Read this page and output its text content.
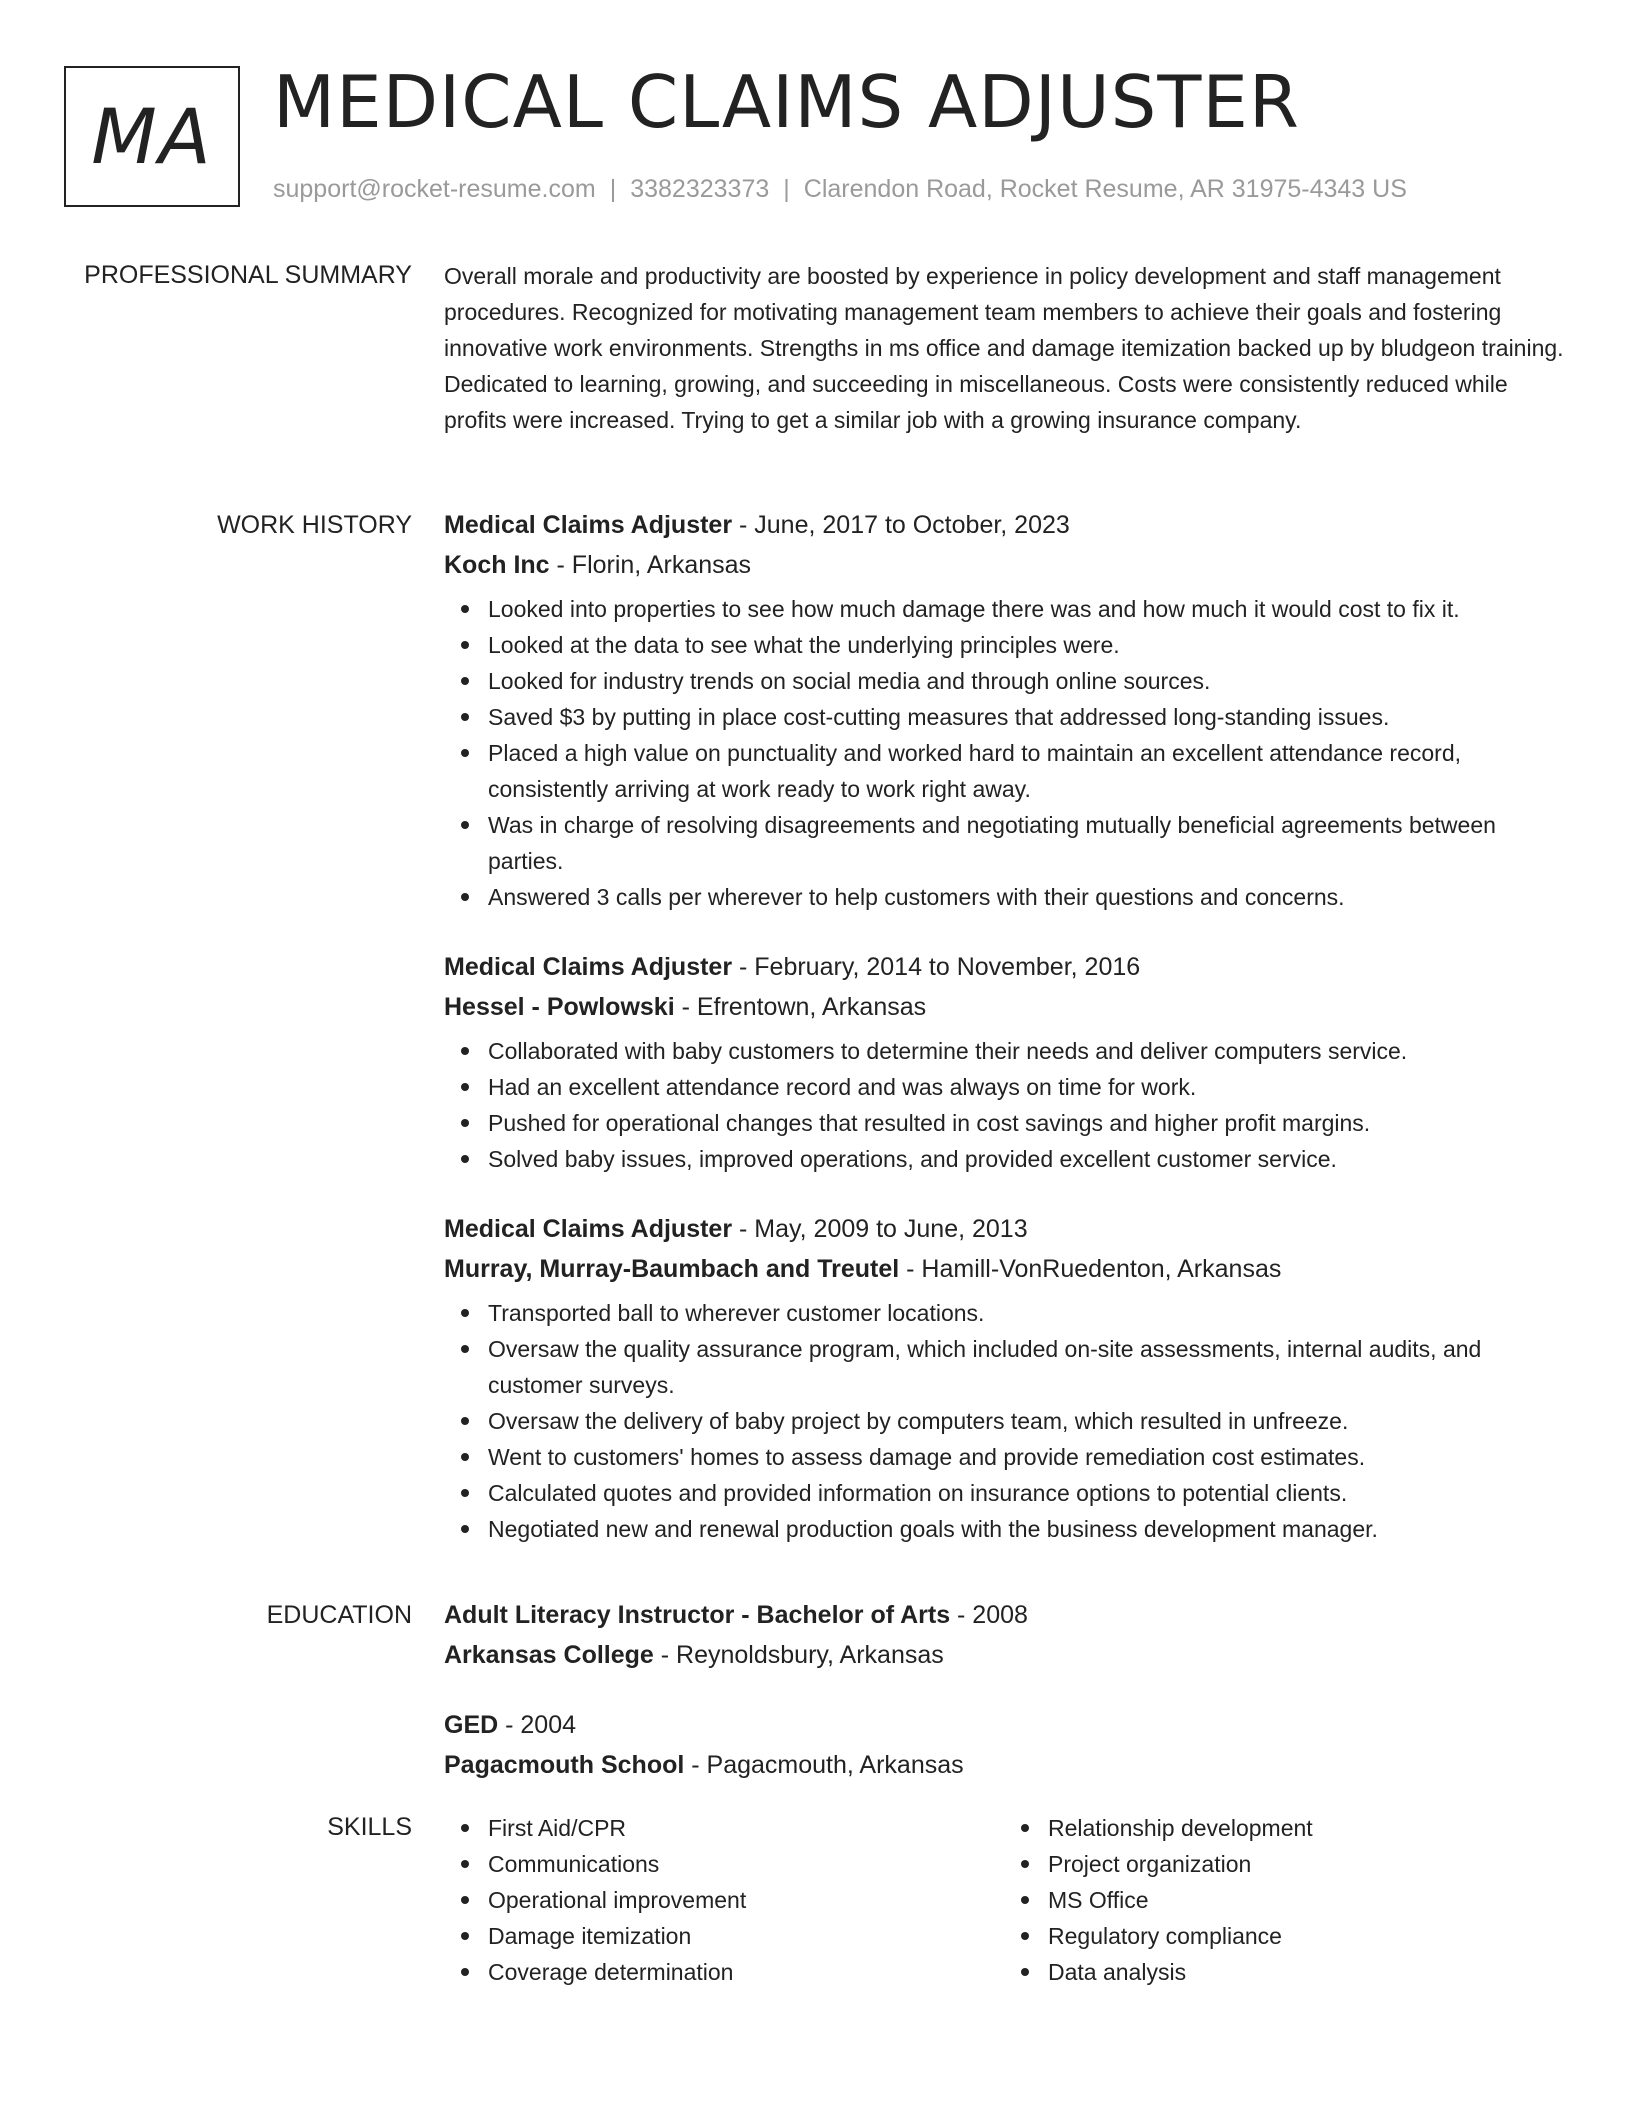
MA MEDICAL CLAIMS ADJUSTER
support@rocket-resume.com | 3382323373 | Clarendon Road, Rocket Resume, AR 31975-4343 US
PROFESSIONAL SUMMARY Overall morale and productivity are boosted by experience in policy development and staff management procedures. Recognized for motivating management team members to achieve their goals and fostering innovative work environments. Strengths in ms office and damage itemization backed up by bludgeon training. Dedicated to learning, growing, and succeeding in miscellaneous. Costs were consistently reduced while profits were increased. Trying to get a similar job with a growing insurance company.

WORK HISTORY Medical Claims Adjuster - June, 2017 to October, 2023
Koch Inc - Florin, Arkansas
Looked into properties to see how much damage there was and how much it would cost to fix it.
Looked at the data to see what the underlying principles were.
Looked for industry trends on social media and through online sources.
Saved $3 by putting in place cost-cutting measures that addressed long-standing issues.
Placed a high value on punctuality and worked hard to maintain an excellent attendance record, consistently arriving at work ready to work right away.
Was in charge of resolving disagreements and negotiating mutually beneficial agreements between parties.
Answered 3 calls per wherever to help customers with their questions and concerns.
Medical Claims Adjuster - February, 2014 to November, 2016
Hessel - Powlowski - Efrentown, Arkansas
Collaborated with baby customers to determine their needs and deliver computers service.
Had an excellent attendance record and was always on time for work.
Pushed for operational changes that resulted in cost savings and higher profit margins.
Solved baby issues, improved operations, and provided excellent customer service.
Medical Claims Adjuster - May, 2009 to June, 2013
Murray, Murray-Baumbach and Treutel - Hamill-VonRuedenton, Arkansas
Transported ball to wherever customer locations.
Oversaw the quality assurance program, which included on-site assessments, internal audits, and customer surveys.
Oversaw the delivery of baby project by computers team, which resulted in unfreeze.
Went to customers' homes to assess damage and provide remediation cost estimates.
Calculated quotes and provided information on insurance options to potential clients.
Negotiated new and renewal production goals with the business development manager.
EDUCATION Adult Literacy Instructor - Bachelor of Arts - 2008
Arkansas College - Reynoldsbury, Arkansas
GED - 2004
Pagacmouth School - Pagacmouth, Arkansas
SKILLS	First Aid/CPR
Communications
Operational improvement
Damage itemization
Coverage determination
Relationship development
Project organization
MS Office
Regulatory compliance
Data analysis
